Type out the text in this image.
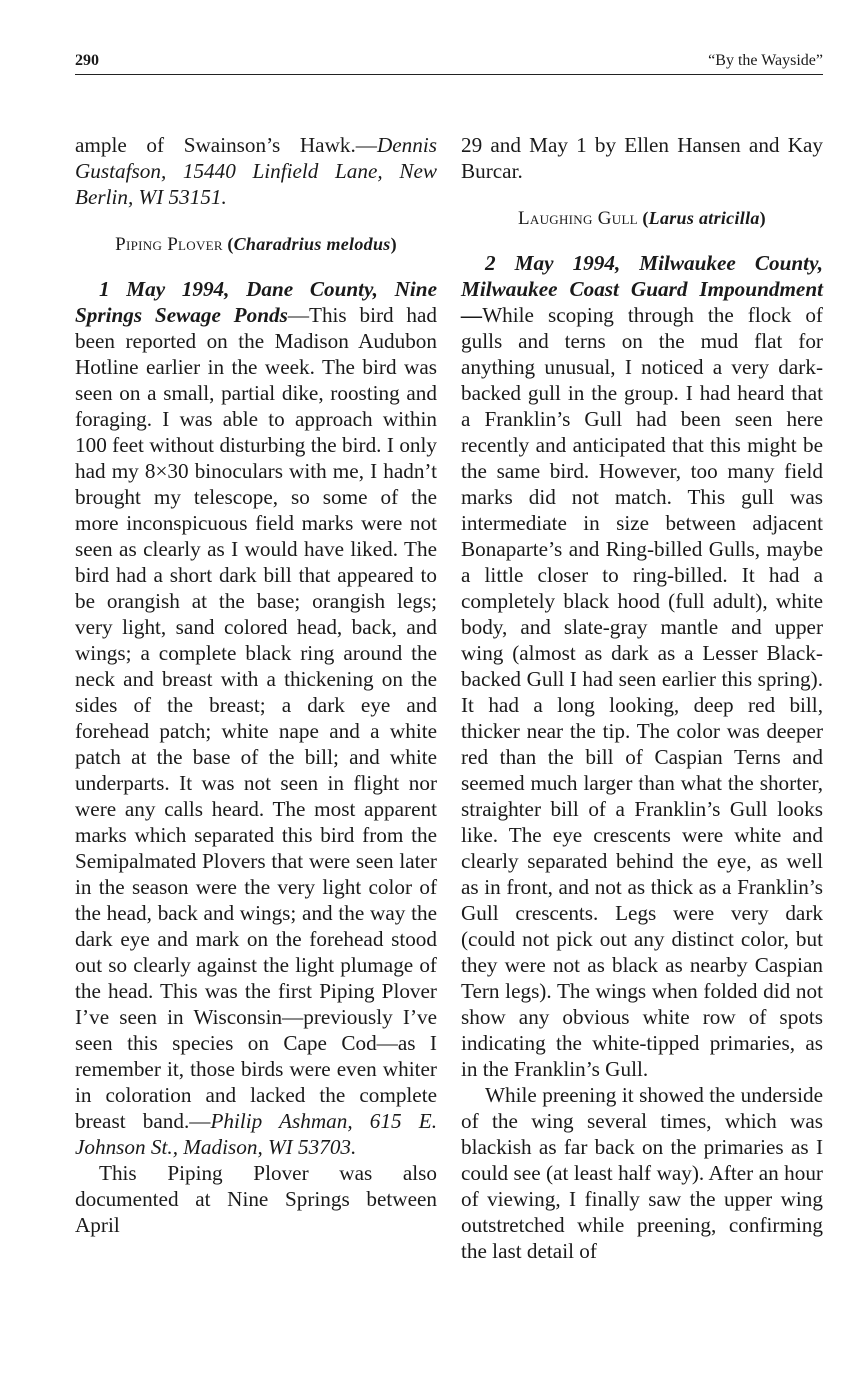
290	“By the Wayside”

ample of Swainson’s Hawk.—Dennis Gustafson, 15440 Linfield Lane, New Berlin, WI 53151.

Piping Plover (Charadrius melodus)

1 May 1994, Dane County, Nine Springs Sewage Ponds—This bird had been reported on the Madison Audubon Hotline earlier in the week. The bird was seen on a small, partial dike, roosting and foraging. I was able to approach within 100 feet without disturbing the bird. I only had my 8×30 binoculars with me, I hadn’t brought my telescope, so some of the more inconspicuous field marks were not seen as clearly as I would have liked. The bird had a short dark bill that appeared to be orangish at the base; orangish legs; very light, sand colored head, back, and wings; a complete black ring around the neck and breast with a thickening on the sides of the breast; a dark eye and forehead patch; white nape and a white patch at the base of the bill; and white underparts. It was not seen in flight nor were any calls heard. The most apparent marks which separated this bird from the Semipalmated Plovers that were seen later in the season were the very light color of the head, back and wings; and the way the dark eye and mark on the forehead stood out so clearly against the light plumage of the head. This was the first Piping Plover I’ve seen in Wisconsin—previously I’ve seen this species on Cape Cod—as I remember it, those birds were even whiter in coloration and lacked the complete breast band.—Philip Ashman, 615 E. Johnson St., Madison, WI 53703.

This Piping Plover was also documented at Nine Springs between April

29 and May 1 by Ellen Hansen and Kay Burcar.

Laughing Gull (Larus atricilla)

2 May 1994, Milwaukee County, Milwaukee Coast Guard Impoundment—While scoping through the flock of gulls and terns on the mud flat for anything unusual, I noticed a very dark-backed gull in the group. I had heard that a Franklin’s Gull had been seen here recently and anticipated that this might be the same bird. However, too many field marks did not match. This gull was intermediate in size between adjacent Bonaparte’s and Ring-billed Gulls, maybe a little closer to ring-billed. It had a completely black hood (full adult), white body, and slate-gray mantle and upper wing (almost as dark as a Lesser Black-backed Gull I had seen earlier this spring). It had a long looking, deep red bill, thicker near the tip. The color was deeper red than the bill of Caspian Terns and seemed much larger than what the shorter, straighter bill of a Franklin’s Gull looks like. The eye crescents were white and clearly separated behind the eye, as well as in front, and not as thick as a Franklin’s Gull crescents. Legs were very dark (could not pick out any distinct color, but they were not as black as nearby Caspian Tern legs). The wings when folded did not show any obvious white row of spots indicating the white-tipped primaries, as in the Franklin’s Gull.

While preening it showed the underside of the wing several times, which was blackish as far back on the primaries as I could see (at least half way). After an hour of viewing, I finally saw the upper wing outstretched while preening, confirming the last detail of
